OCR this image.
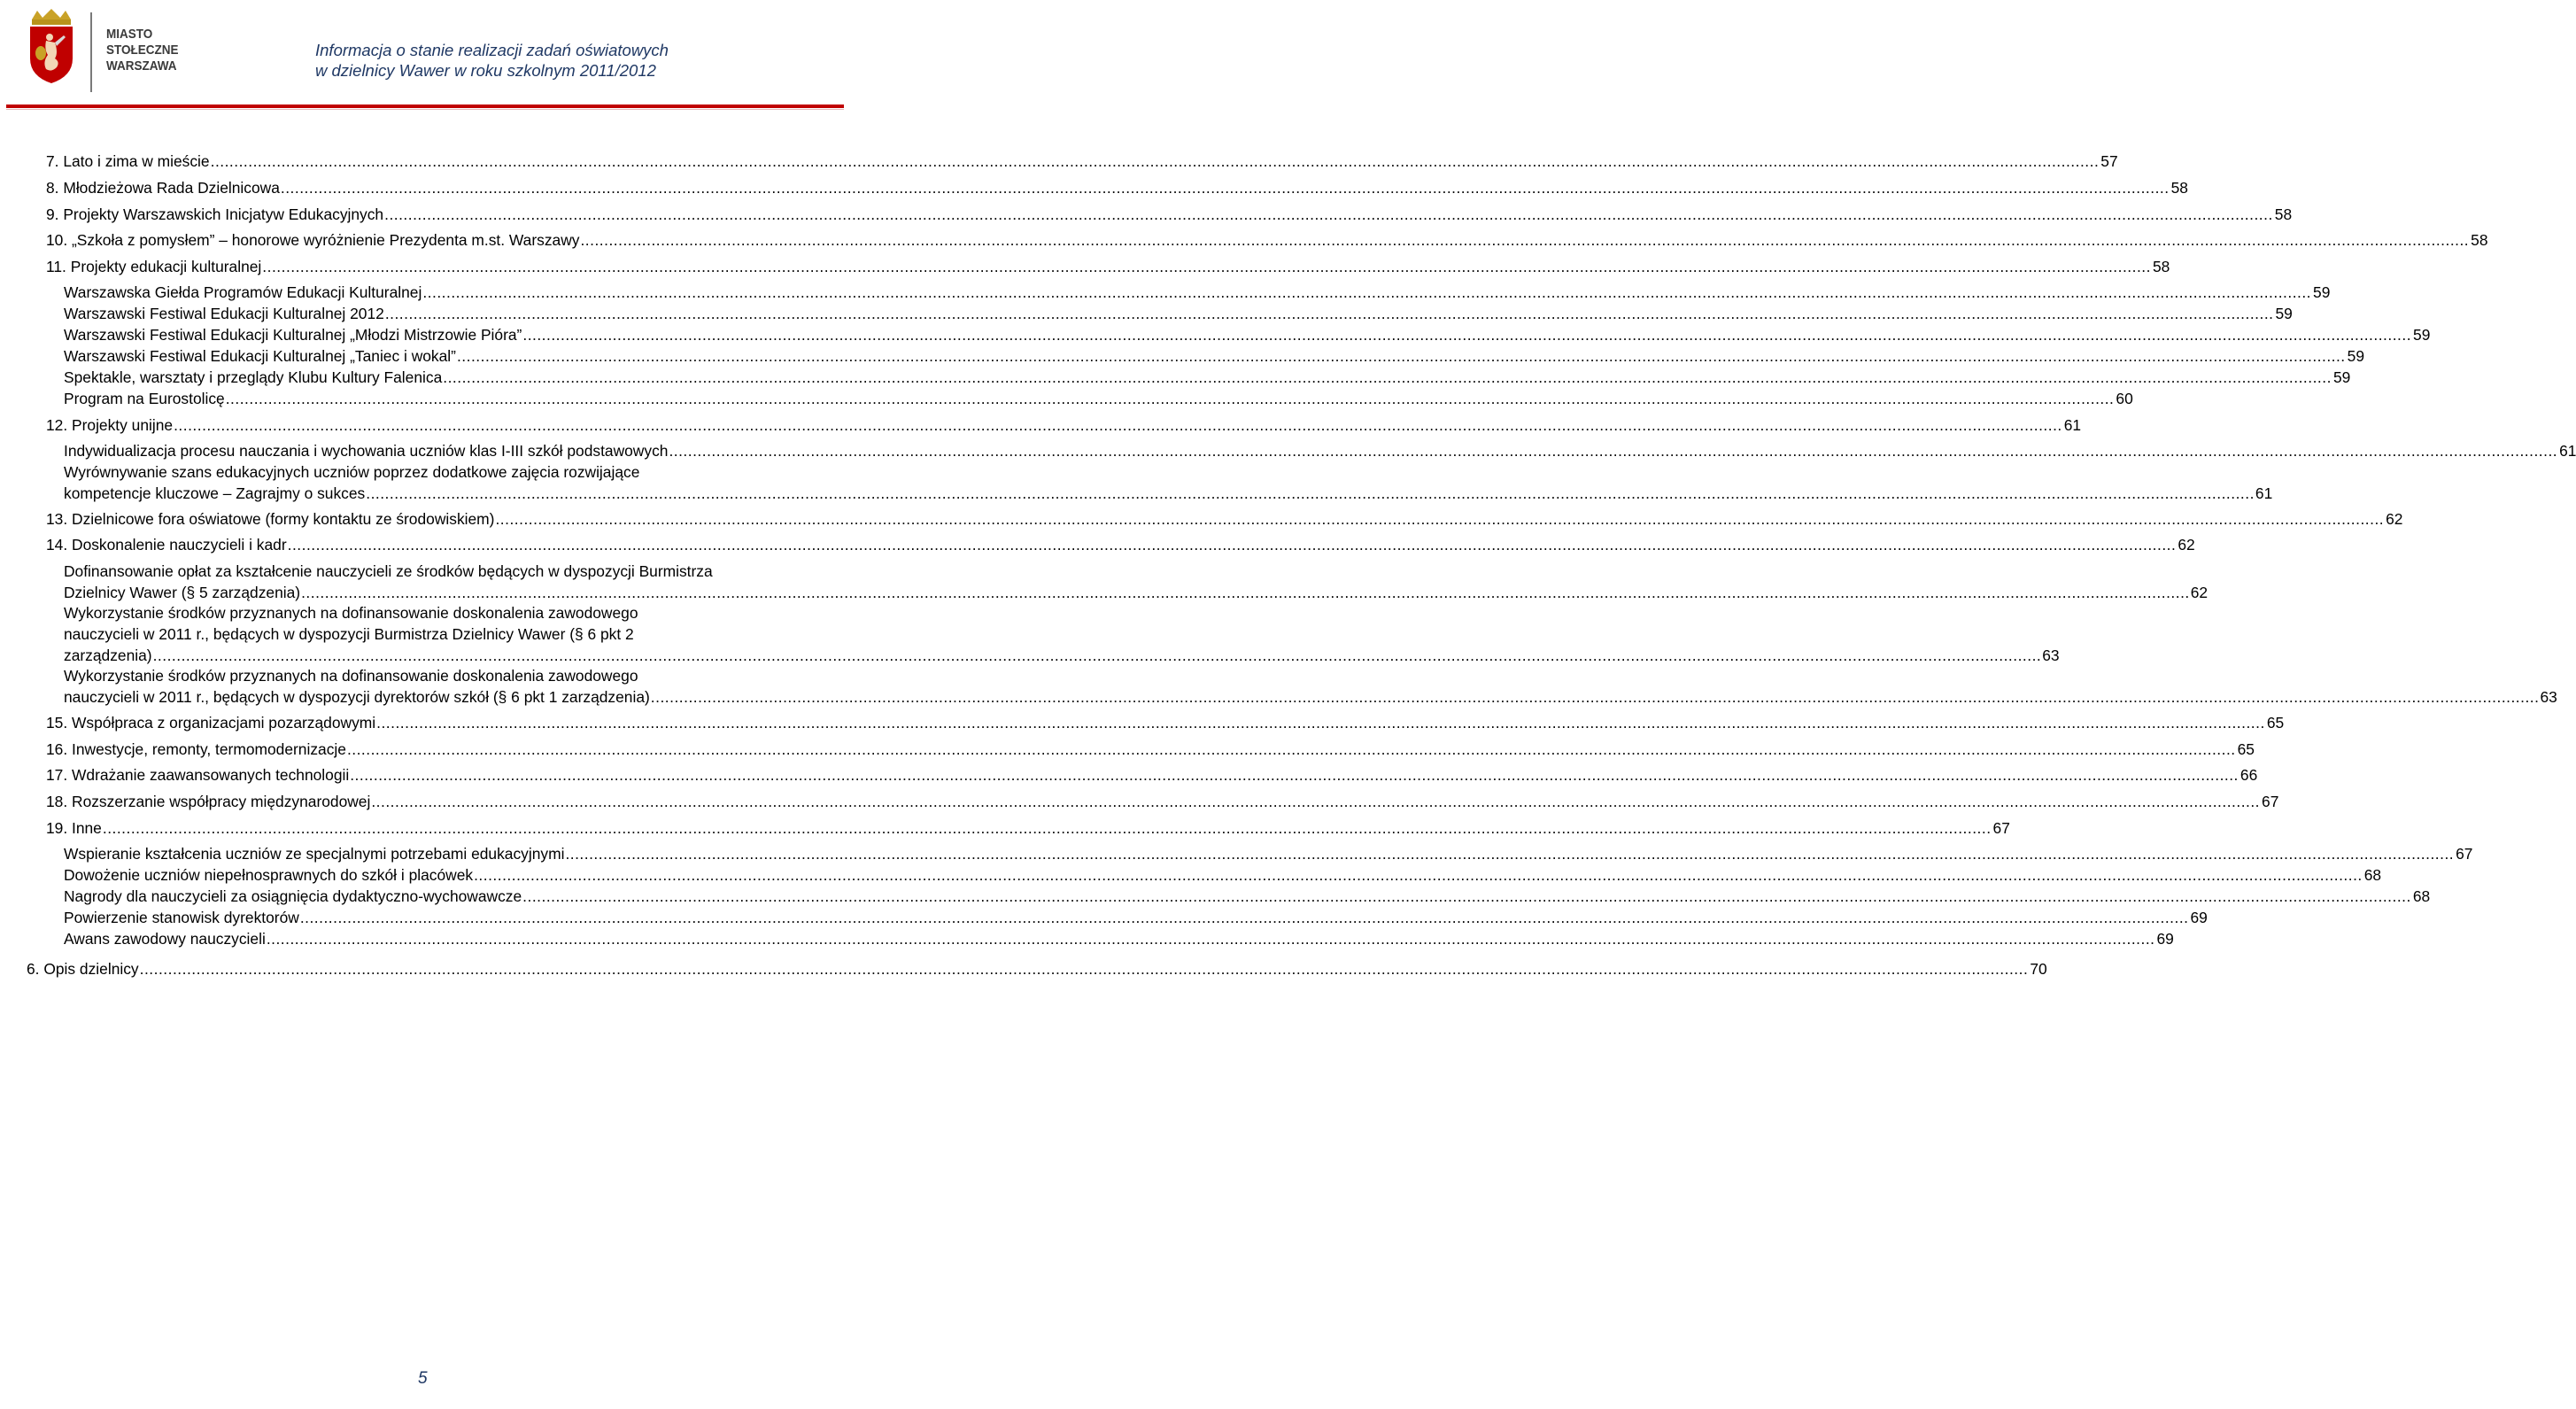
MIASTO
STOŁECZNE
WARSZAWA
Informacja o stanie realizacji zadań oświatowych
w dzielnicy Wawer w roku szkolnym 2011/2012
7. Lato i zima w mieście ................................................................................................................................................................................................................................................................................................................................................................................................................ 57
8. Młodzieżowa Rada Dzielnicowa ................................................................................................................................................................................................................................................................................................................................................................................................................ 58
9. Projekty Warszawskich Inicjatyw Edukacyjnych ................................................................................................................................................................................................................................................................................................................................................................................................................ 58
10. „Szkoła z pomysłem” – honorowe wyróżnienie Prezydenta m.st. Warszawy ................................................................................................................................................................................................................................................................................................................................................................................................................ 58
11. Projekty edukacji kulturalnej ................................................................................................................................................................................................................................................................................................................................................................................................................ 58
Warszawska Giełda Programów Edukacji Kulturalnej ................................................................................................................................................................................................................................................................................................................................................................................................................ 59
Warszawski Festiwal Edukacji Kulturalnej 2012 ................................................................................................................................................................................................................................................................................................................................................................................................................ 59
Warszawski Festiwal Edukacji Kulturalnej „Młodzi Mistrzowie Pióra” ................................................................................................................................................................................................................................................................................................................................................................................................................ 59
Warszawski Festiwal Edukacji Kulturalnej „Taniec i wokal” ................................................................................................................................................................................................................................................................................................................................................................................................................ 59
Spektakle, warsztaty i przeglądy Klubu Kultury Falenica ................................................................................................................................................................................................................................................................................................................................................................................................................ 59
Program na Eurostolicę ................................................................................................................................................................................................................................................................................................................................................................................................................ 60
12. Projekty unijne ................................................................................................................................................................................................................................................................................................................................................................................................................ 61
Indywidualizacja procesu nauczania i wychowania uczniów klas I-III szkół podstawowych ................................................................................................................................................................................................................................................................................................................................................................................................................ 61
Wyrównywanie szans edukacyjnych uczniów poprzez dodatkowe zajęcia rozwijające
kompetencje kluczowe – Zagrajmy o sukces ................................................................................................................................................................................................................................................................................................................................................................................................................ 61
13. Dzielnicowe fora oświatowe (formy kontaktu ze środowiskiem) ................................................................................................................................................................................................................................................................................................................................................................................................................ 62
14. Doskonalenie nauczycieli i kadr ................................................................................................................................................................................................................................................................................................................................................................................................................ 62
Dofinansowanie opłat za kształcenie nauczycieli ze środków będących w dyspozycji Burmistrza
Dzielnicy Wawer (§ 5 zarządzenia) ................................................................................................................................................................................................................................................................................................................................................................................................................ 62
Wykorzystanie środków przyznanych na dofinansowanie doskonalenia zawodowego
nauczycieli w 2011 r., będących w dyspozycji Burmistrza Dzielnicy Wawer (§ 6 pkt 2
zarządzenia) ................................................................................................................................................................................................................................................................................................................................................................................................................ 63
Wykorzystanie środków przyznanych na dofinansowanie doskonalenia zawodowego
nauczycieli w 2011 r., będących w dyspozycji dyrektorów szkół (§ 6 pkt 1 zarządzenia) ................................................................................................................................................................................................................................................................................................................................................................................................................ 63
15. Współpraca z organizacjami pozarządowymi ................................................................................................................................................................................................................................................................................................................................................................................................................ 65
16. Inwestycje, remonty, termomodernizacje ................................................................................................................................................................................................................................................................................................................................................................................................................ 65
17. Wdrażanie zaawansowanych technologii ................................................................................................................................................................................................................................................................................................................................................................................................................ 66
18. Rozszerzanie współpracy międzynarodowej ................................................................................................................................................................................................................................................................................................................................................................................................................ 67
19. Inne ................................................................................................................................................................................................................................................................................................................................................................................................................ 67
Wspieranie kształcenia uczniów ze specjalnymi potrzebami edukacyjnymi ................................................................................................................................................................................................................................................................................................................................................................................................................ 67
Dowożenie uczniów niepełnosprawnych do szkół i placówek ................................................................................................................................................................................................................................................................................................................................................................................................................ 68
Nagrody dla nauczycieli za osiągnięcia dydaktyczno-wychowawcze ................................................................................................................................................................................................................................................................................................................................................................................................................ 68
Powierzenie stanowisk dyrektorów ................................................................................................................................................................................................................................................................................................................................................................................................................ 69
Awans zawodowy nauczycieli ................................................................................................................................................................................................................................................................................................................................................................................................................ 69
6. Opis dzielnicy ................................................................................................................................................................................................................................................................................................................................................................................................................ 70
5
